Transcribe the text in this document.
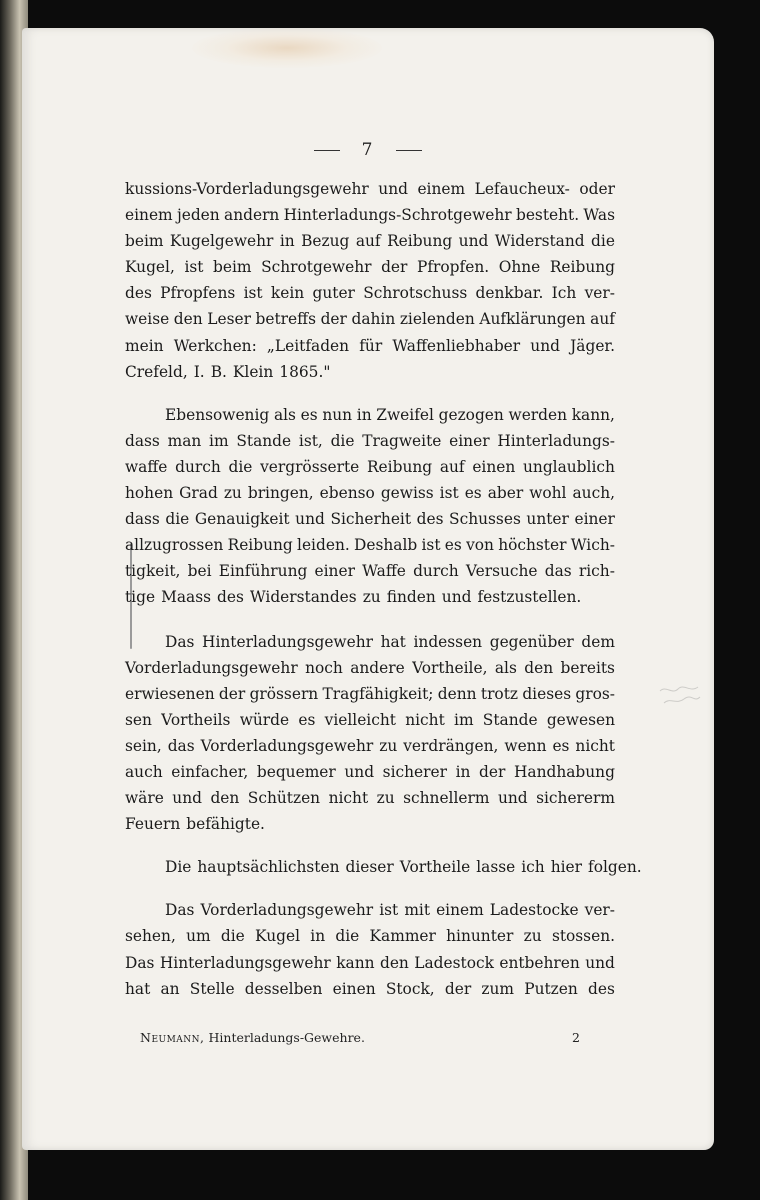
7
Neumann, Hinterladungs-Gewehre.	2
kussions-Vorderladungsgewehr und einem Lefaucheux- oder
einem jeden andern Hinterladungs-Schrotgewehr besteht. Was
beim Kugelgewehr in Bezug auf Reibung und Widerstand die
Kugel, ist beim Schrotgewehr der Pfropfen. Ohne Reibung
des Pfropfens ist kein guter Schrotschuss denkbar. Ich ver-
weise den Leser betreffs der dahin zielenden Aufklärungen auf
mein Werkchen: „Leitfaden für Waffenliebhaber und Jäger.
Crefeld, I. B. Klein 1865."
Ebensowenig als es nun in Zweifel gezogen werden kann,
dass man im Stande ist, die Tragweite einer Hinterladungs-
waffe durch die vergrösserte Reibung auf einen unglaublich
hohen Grad zu bringen, ebenso gewiss ist es aber wohl auch,
dass die Genauigkeit und Sicherheit des Schusses unter einer
allzugrossen Reibung leiden. Deshalb ist es von höchster Wich-
tigkeit, bei Einführung einer Waffe durch Versuche das rich-
tige Maass des Widerstandes zu finden und festzustellen.
Das Hinterladungsgewehr hat indessen gegenüber dem
Vorderladungsgewehr noch andere Vortheile, als den bereits
erwiesenen der grössern Tragfähigkeit; denn trotz dieses gros-
sen Vortheils würde es vielleicht nicht im Stande gewesen
sein, das Vorderladungsgewehr zu verdrängen, wenn es nicht
auch einfacher, bequemer und sicherer in der Handhabung
wäre und den Schützen nicht zu schnellerm und sichererm
Feuern befähigte.
Die hauptsächlichsten dieser Vortheile lasse ich hier folgen.
Das Vorderladungsgewehr ist mit einem Ladestocke ver-
sehen, um die Kugel in die Kammer hinunter zu stossen.
Das Hinterladungsgewehr kann den Ladestock entbehren und
hat an Stelle desselben einen Stock, der zum Putzen des
